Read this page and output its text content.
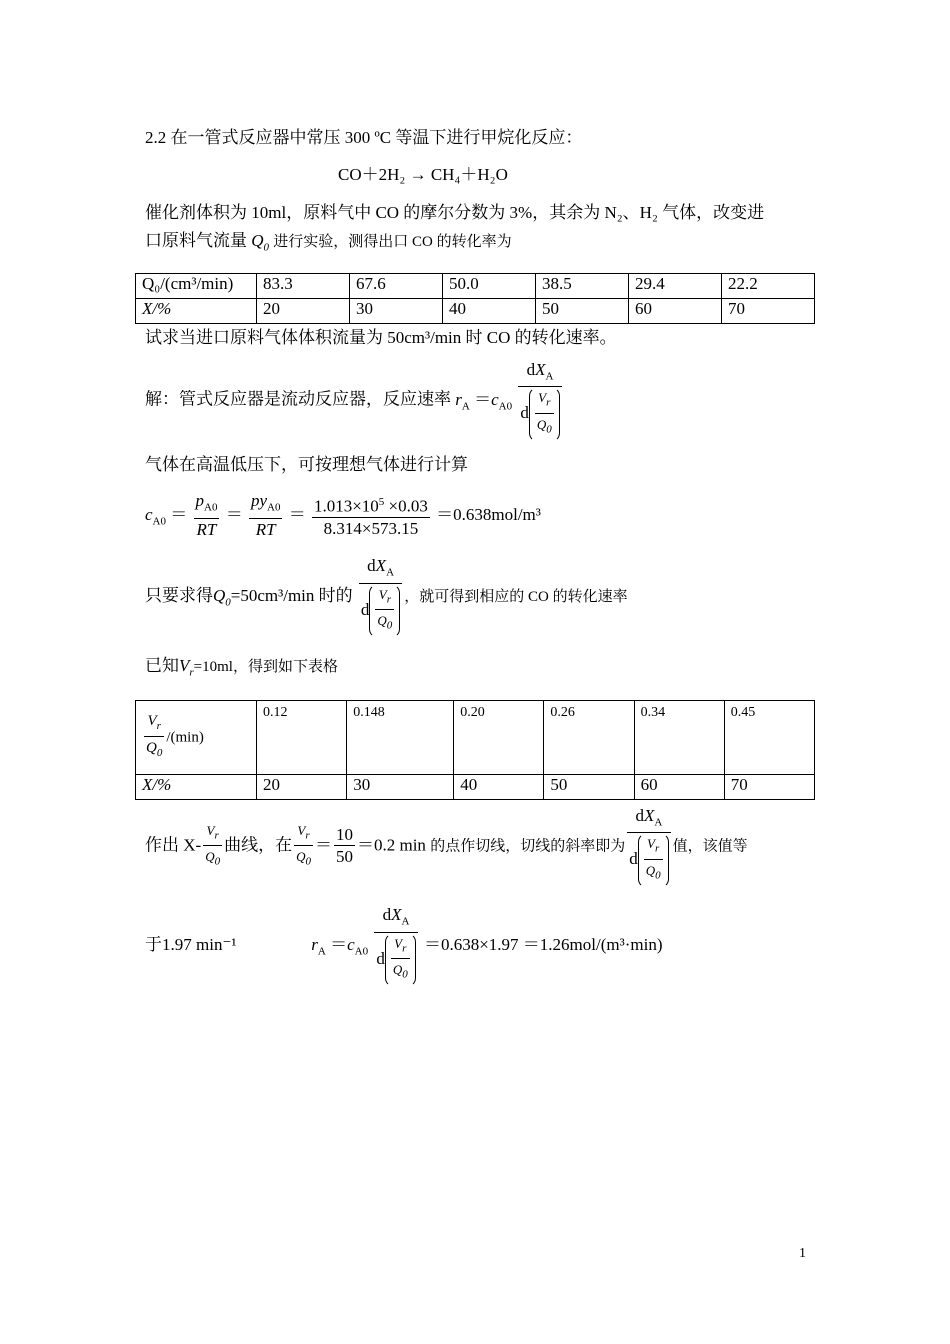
2.2 在一管式反应器中常压 300 ºC 等温下进行甲烷化反应：
CO＋2H₂ → CH₄＋H₂O
催化剂体积为 10ml，原料气中 CO 的摩尔分数为 3%，其余为 N₂、H₂ 气体，改变进
口原料气流量 $Q_0$ 进行实验，测得出口 CO 的转化率为
Q₀/(cm³/min)	83.3	67.6	50.0	38.5	29.4	22.2
X/%	20	30	40	50	60	70
试求当进口原料气体体积流量为 50cm³/min 时 CO 的转化速率。
解：管式反应器是流动反应器，反应速率 $r_A =c_{A0} \frac{dX_A}{d \frac{V_r}{Q_0}}$
气体在高温低压下，可按理想气体进行计算
$c_{A0} = \frac{p_{A0}}{RT} = \frac{py_{A0}}{RT} = \frac{1.013\times 10^5 \times 0.03}{8.314\times 573.15} =0.638mol/m^3$
只要求得$Q_0=50cm^3/\min$ 时的 $\frac{dX_A}{d \frac{V_r}{Q_0}}$ ，就可得到相应的 CO 的转化速率
已知$V_r=10ml$，得到如下表格
$\frac{V_r}{Q_0} /(\min)$	0.12	0.148	0.20	0.26	0.34	0.45
X/%	20	30	40	50	60	70
作出 $X- \frac{V_r}{Q_0}$ 曲线，在 $\frac{V_r}{Q_0} = \frac{10}{50} =0.2$ min 的点作切线，切线的斜率即为 $\frac{dX_A}{d \frac{V_r}{Q_0}}$ 值，该值等
于1.97 min⁻¹	$r_A =c_{A0} \frac{dX_A}{d \frac{V_r}{Q_0}} =0.638\times 1.97 =1.26mol/(m^3\cdot\min)$
1
